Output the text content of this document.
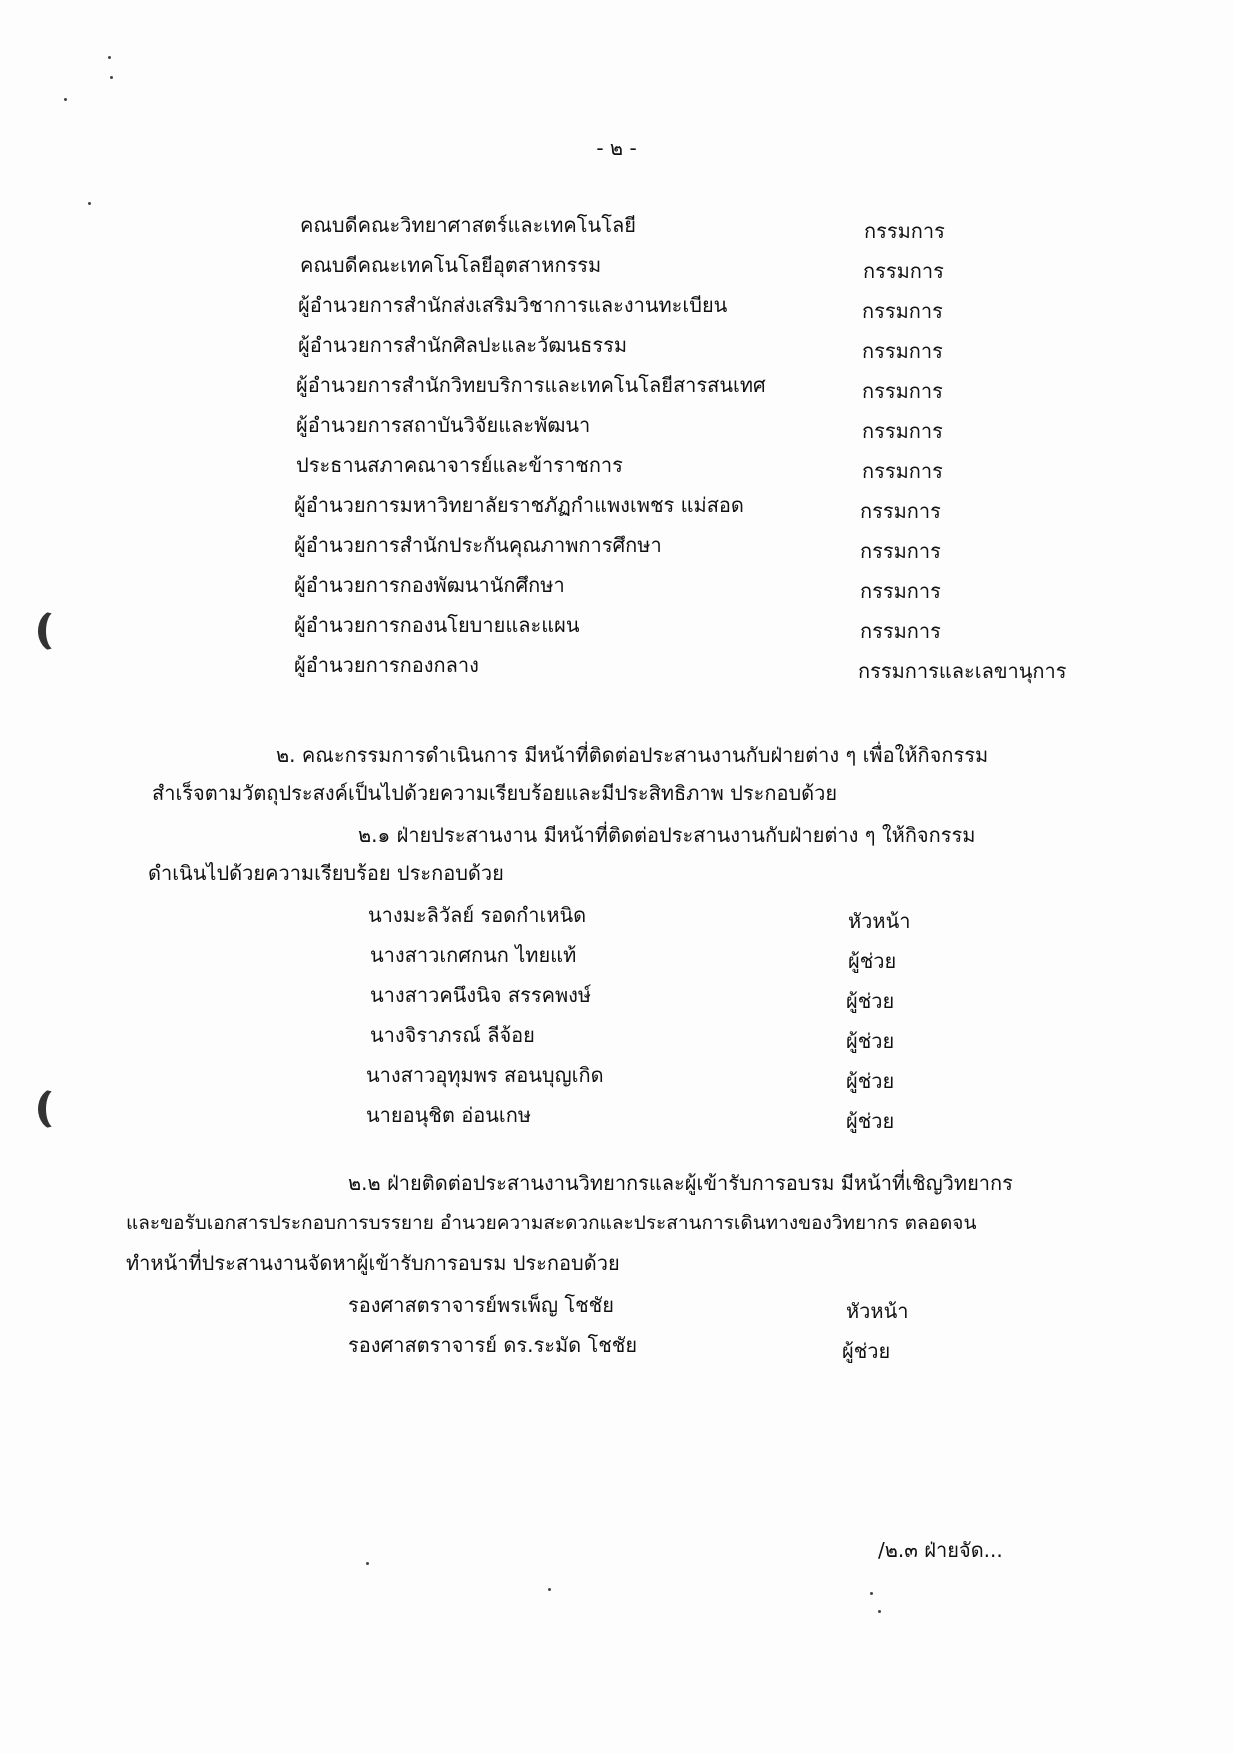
- ๒ -
คณบดีคณะวิทยาศาสตร์และเทคโนโลยี	กรรมการ
คณบดีคณะเทคโนโลยีอุตสาหกรรม	กรรมการ
ผู้อำนวยการสำนักส่งเสริมวิชาการและงานทะเบียน	กรรมการ
ผู้อำนวยการสำนักศิลปะและวัฒนธรรม	กรรมการ
ผู้อำนวยการสำนักวิทยบริการและเทคโนโลยีสารสนเทศ	กรรมการ
ผู้อำนวยการสถาบันวิจัยและพัฒนา	กรรมการ
ประธานสภาคณาจารย์และข้าราชการ	กรรมการ
ผู้อำนวยการมหาวิทยาลัยราชภัฏกำแพงเพชร แม่สอด	กรรมการ
ผู้อำนวยการสำนักประกันคุณภาพการศึกษา	กรรมการ
ผู้อำนวยการกองพัฒนานักศึกษา	กรรมการ
ผู้อำนวยการกองนโยบายและแผน	กรรมการ
ผู้อำนวยการกองกลาง	กรรมการและเลขานุการ
๒. คณะกรรมการดำเนินการ มีหน้าที่ติดต่อประสานงานกับฝ่ายต่าง ๆ เพื่อให้กิจกรรม
สำเร็จตามวัตถุประสงค์เป็นไปด้วยความเรียบร้อยและมีประสิทธิภาพ ประกอบด้วย
๒.๑ ฝ่ายประสานงาน มีหน้าที่ติดต่อประสานงานกับฝ่ายต่าง ๆ ให้กิจกรรม
ดำเนินไปด้วยความเรียบร้อย ประกอบด้วย
นางมะลิวัลย์ รอดกำเหนิด	หัวหน้า
นางสาวเกศกนก ไทยแท้	ผู้ช่วย
นางสาวคนึงนิจ สรรคพงษ์	ผู้ช่วย
นางจิราภรณ์ ลีจ้อย	ผู้ช่วย
นางสาวอุทุมพร สอนบุญเกิด	ผู้ช่วย
นายอนุชิต อ่อนเกษ	ผู้ช่วย
๒.๒ ฝ่ายติดต่อประสานงานวิทยากรและผู้เข้ารับการอบรม มีหน้าที่เชิญวิทยากร
และขอรับเอกสารประกอบการบรรยาย อำนวยความสะดวกและประสานการเดินทางของวิทยากร ตลอดจน
ทำหน้าที่ประสานงานจัดหาผู้เข้ารับการอบรม ประกอบด้วย
รองศาสตราจารย์พรเพ็ญ โชชัย	หัวหน้า
รองศาสตราจารย์ ดร.ระมัด โชชัย	ผู้ช่วย
/๒.๓ ฝ่ายจัด...
